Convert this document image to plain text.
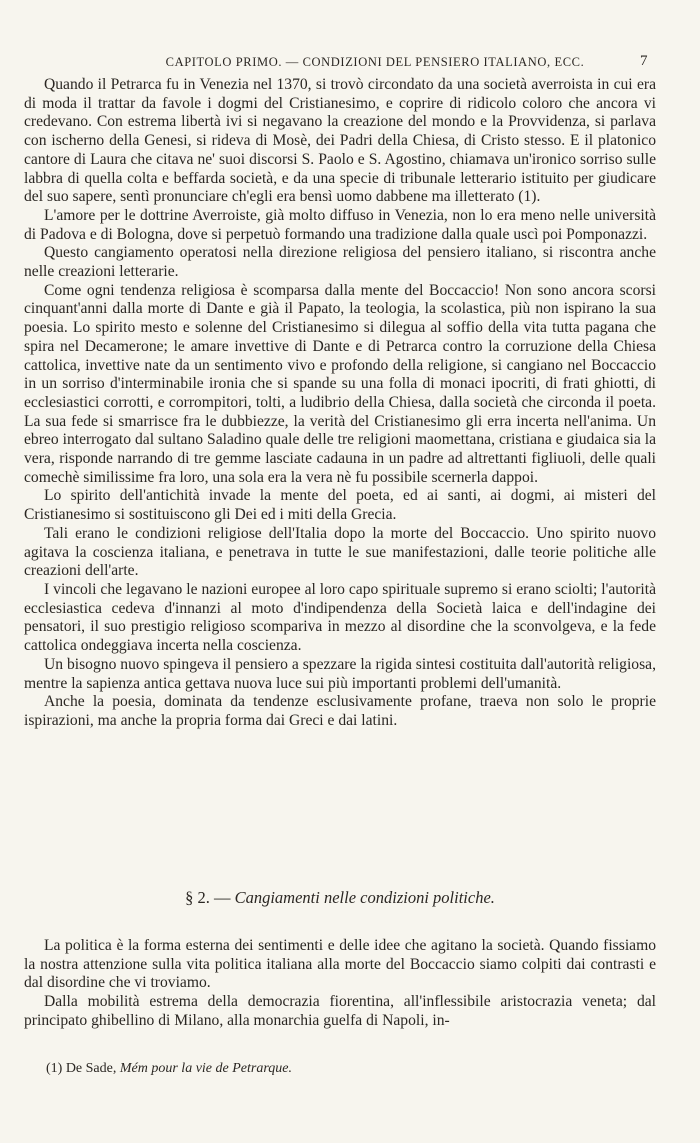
CAPITOLO PRIMO. — CONDIZIONI DEL PENSIERO ITALIANO, ECC.	7

Quando il Petrarca fu in Venezia nel 1370, si trovò circondato da una società averroista in cui era di moda il trattar da favole i dogmi del Cristianesimo, e coprire di ridicolo coloro che ancora vi credevano. Con estrema libertà ivi si negavano la creazione del mondo e la Provvidenza, si parlava con ischerno della Genesi, si rideva di Mosè, dei Padri della Chiesa, di Cristo stesso. E il platonico cantore di Laura che citava ne' suoi discorsi S. Paolo e S. Agostino, chiamava un'ironico sorriso sulle labbra di quella colta e beffarda società, e da una specie di tribunale letterario istituito per giudicare del suo sapere, sentì pronunciare ch'egli era bensì uomo dabbene ma illetterato (1).

L'amore per le dottrine Averroiste, già molto diffuso in Venezia, non lo era meno nelle università di Padova e di Bologna, dove si perpetuò formando una tradizione dalla quale uscì poi Pomponazzi.

Questo cangiamento operatosi nella direzione religiosa del pensiero italiano, si riscontra anche nelle creazioni letterarie.

Come ogni tendenza religiosa è scomparsa dalla mente del Boccaccio! Non sono ancora scorsi cinquant'anni dalla morte di Dante e già il Papato, la teologia, la scolastica, più non ispirano la sua poesia. Lo spirito mesto e solenne del Cristianesimo si dilegua al soffio della vita tutta pagana che spira nel Decamerone; le amare invettive di Dante e di Petrarca contro la corruzione della Chiesa cattolica, invettive nate da un sentimento vivo e profondo della religione, si cangiano nel Boccaccio in un sorriso d'interminabile ironia che si spande su una folla di monaci ipocriti, di frati ghiotti, di ecclesiastici corrotti, e corrompitori, tolti, a ludibrio della Chiesa, dalla società che circonda il poeta. La sua fede si smarrisce fra le dubbiezze, la verità del Cristianesimo gli erra incerta nell'anima. Un ebreo interrogato dal sultano Saladino quale delle tre religioni maomettana, cristiana e giudaica sia la vera, risponde narrando di tre gemme lasciate cadauna in un padre ad altrettanti figliuoli, delle quali comechè similissime fra loro, una sola era la vera nè fu possibile scernerla dappoi.

Lo spirito dell'antichità invade la mente del poeta, ed ai santi, ai dogmi, ai misteri del Cristianesimo si sostituiscono gli Dei ed i miti della Grecia.

Tali erano le condizioni religiose dell'Italia dopo la morte del Boccaccio. Uno spirito nuovo agitava la coscienza italiana, e penetrava in tutte le sue manifestazioni, dalle teorie politiche alle creazioni dell'arte.

I vincoli che legavano le nazioni europee al loro capo spirituale supremo si erano sciolti; l'autorità ecclesiastica cedeva d'innanzi al moto d'indipendenza della Società laica e dell'indagine dei pensatori, il suo prestigio religioso scompariva in mezzo al disordine che la sconvolgeva, e la fede cattolica ondeggiava incerta nella coscienza.

Un bisogno nuovo spingeva il pensiero a spezzare la rigida sintesi costituita dall'autorità religiosa, mentre la sapienza antica gettava nuova luce sui più importanti problemi dell'umanità.

Anche la poesia, dominata da tendenze esclusivamente profane, traeva non solo le proprie ispirazioni, ma anche la propria forma dai Greci e dai latini.

§ 2. — Cangiamenti nelle condizioni politiche.

La politica è la forma esterna dei sentimenti e delle idee che agitano la società. Quando fissiamo la nostra attenzione sulla vita politica italiana alla morte del Boccaccio siamo colpiti dai contrasti e dal disordine che vi troviamo.

Dalla mobilità estrema della democrazia fiorentina, all'inflessibile aristocrazia veneta; dal principato ghibellino di Milano, alla monarchia guelfa di Napoli, in-

(1) De Sade, Mém pour la vie de Petrarque.
